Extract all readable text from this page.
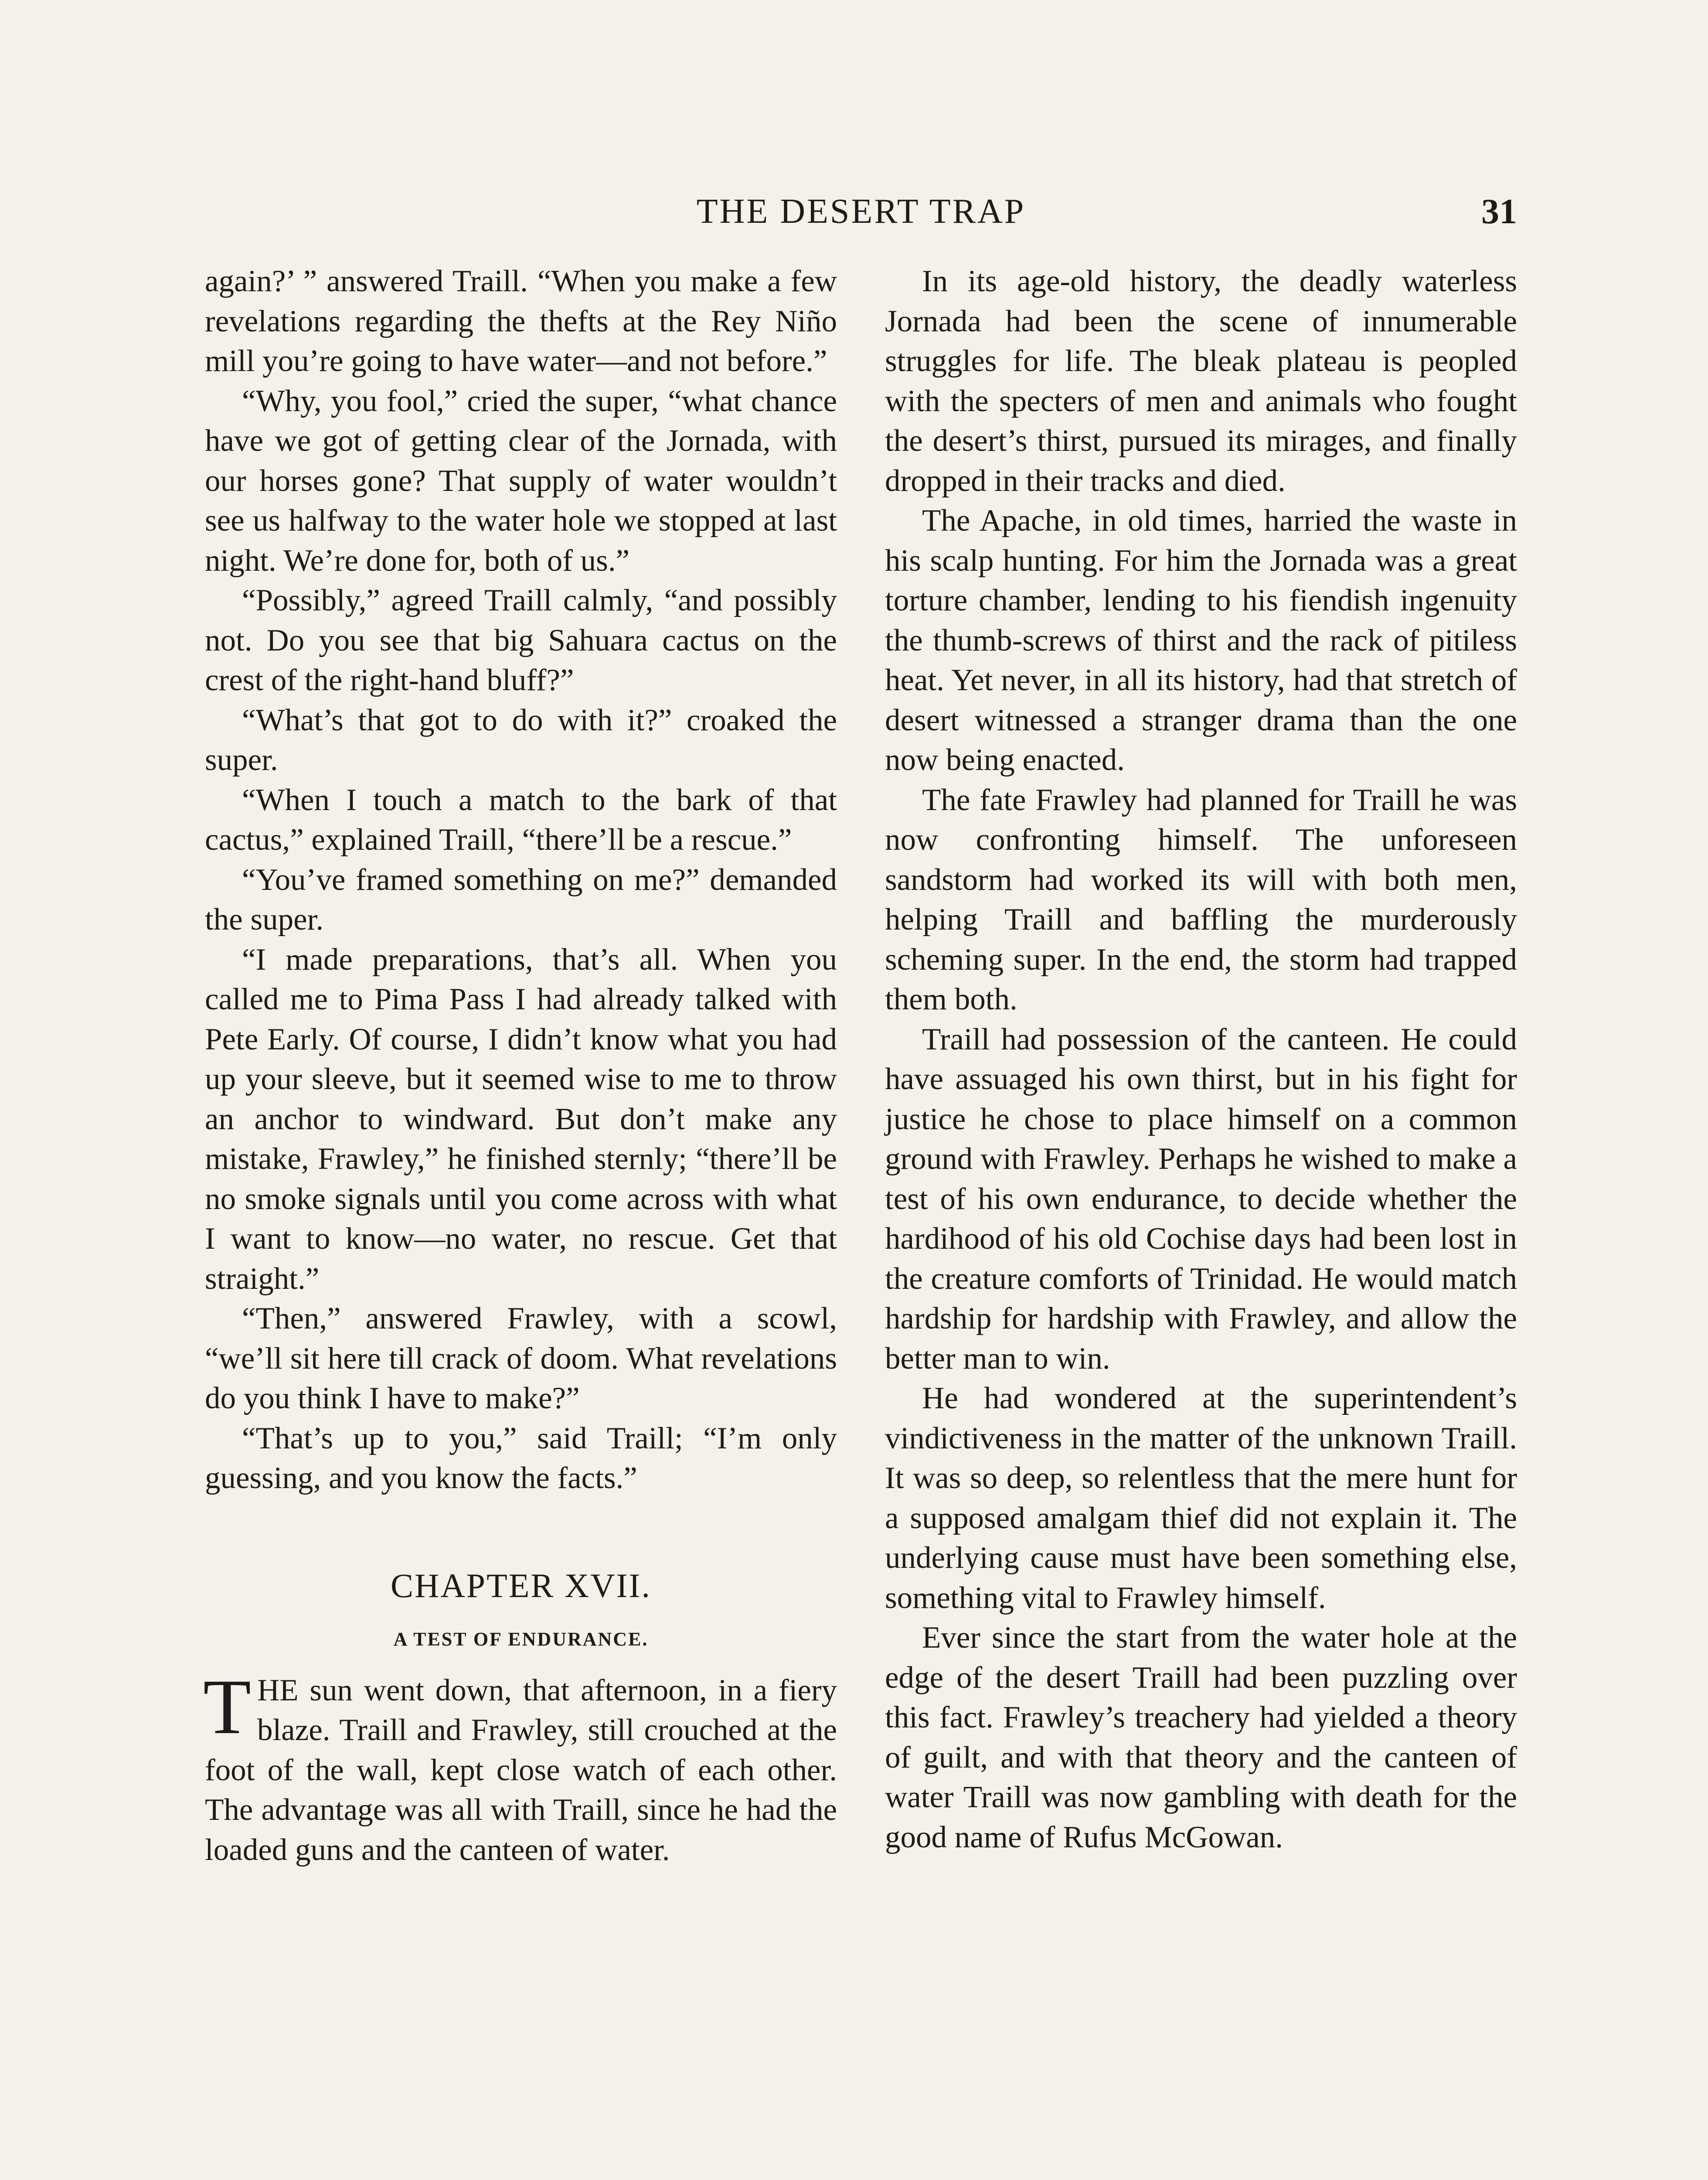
THE DESERT TRAP	31

again?’ ” answered Traill. “When you make a few revelations regarding the thefts at the Rey Niño mill you’re going to have water—and not before.”

“Why, you fool,” cried the super, “what chance have we got of getting clear of the Jornada, with our horses gone? That supply of water wouldn’t see us halfway to the water hole we stopped at last night. We’re done for, both of us.”

“Possibly,” agreed Traill calmly, “and possibly not. Do you see that big Sahuara cactus on the crest of the right-hand bluff?”

“What’s that got to do with it?” croaked the super.

“When I touch a match to the bark of that cactus,” explained Traill, “there’ll be a rescue.”

“You’ve framed something on me?” demanded the super.

“I made preparations, that’s all. When you called me to Pima Pass I had already talked with Pete Early. Of course, I didn’t know what you had up your sleeve, but it seemed wise to me to throw an anchor to windward. But don’t make any mistake, Frawley,” he finished sternly; “there’ll be no smoke signals until you come across with what I want to know—no water, no rescue. Get that straight.”

“Then,” answered Frawley, with a scowl, “we’ll sit here till crack of doom. What revelations do you think I have to make?”

“That’s up to you,” said Traill; “I’m only guessing, and you know the facts.”

CHAPTER XVII.
A TEST OF ENDURANCE.

THE sun went down, that afternoon, in a fiery blaze. Traill and Frawley, still crouched at the foot of the wall, kept close watch of each other. The advantage was all with Traill, since he had the loaded guns and the canteen of water.

In its age-old history, the deadly waterless Jornada had been the scene of innumerable struggles for life. The bleak plateau is peopled with the specters of men and animals who fought the desert’s thirst, pursued its mirages, and finally dropped in their tracks and died.

The Apache, in old times, harried the waste in his scalp hunting. For him the Jornada was a great torture chamber, lending to his fiendish ingenuity the thumb-screws of thirst and the rack of pitiless heat. Yet never, in all its history, had that stretch of desert witnessed a stranger drama than the one now being enacted.

The fate Frawley had planned for Traill he was now confronting himself. The unforeseen sandstorm had worked its will with both men, helping Traill and baffling the murderously scheming super. In the end, the storm had trapped them both.

Traill had possession of the canteen. He could have assuaged his own thirst, but in his fight for justice he chose to place himself on a common ground with Frawley. Perhaps he wished to make a test of his own endurance, to decide whether the hardihood of his old Cochise days had been lost in the creature comforts of Trinidad. He would match hardship for hardship with Frawley, and allow the better man to win.

He had wondered at the superintendent’s vindictiveness in the matter of the unknown Traill. It was so deep, so relentless that the mere hunt for a supposed amalgam thief did not explain it. The underlying cause must have been something else, something vital to Frawley himself.

Ever since the start from the water hole at the edge of the desert Traill had been puzzling over this fact. Frawley’s treachery had yielded a theory of guilt, and with that theory and the canteen of water Traill was now gambling with death for the good name of Rufus McGowan.
